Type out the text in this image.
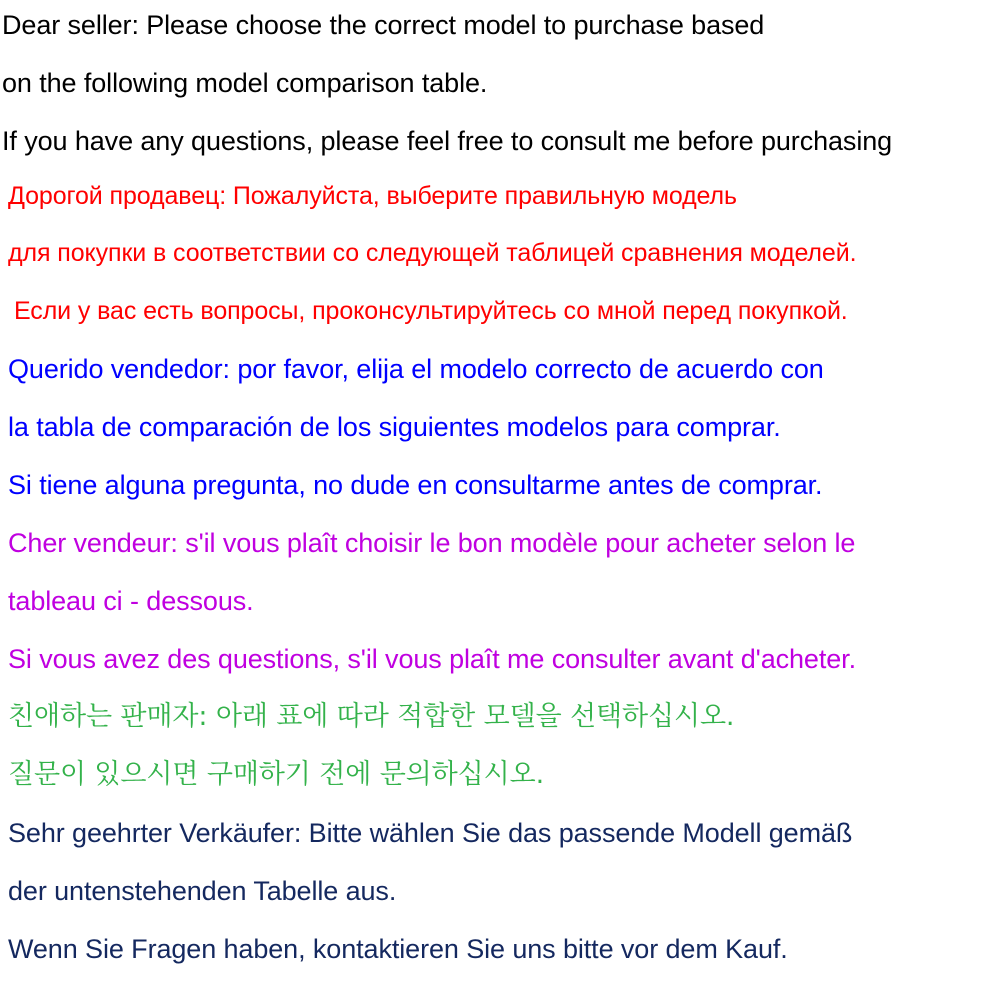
Dear seller: Please choose the correct model to purchase based
on the following model comparison table.
If you have any questions, please feel free to consult me before purchasing
Дорогой продавец: Пожалуйста, выберите правильную модель
для покупки в соответствии со следующей таблицей сравнения моделей.
Если у вас есть вопросы, проконсультируйтесь со мной перед покупкой.
Querido vendedor: por favor, elija el modelo correcto de acuerdo con
la tabla de comparación de los siguientes modelos para comprar.
Si tiene alguna pregunta, no dude en consultarme antes de comprar.
Cher vendeur: s'il vous plaît choisir le bon modèle pour acheter selon le
tableau ci - dessous.
Si vous avez des questions, s'il vous plaît me consulter avant d'acheter.
친애하는 판매자: 아래 표에 따라 적합한 모델을 선택하십시오.
질문이 있으시면 구매하기 전에 문의하십시오.
Sehr geehrter Verkäufer: Bitte wählen Sie das passende Modell gemäß
der untenstehenden Tabelle aus.
Wenn Sie Fragen haben, kontaktieren Sie uns bitte vor dem Kauf.
